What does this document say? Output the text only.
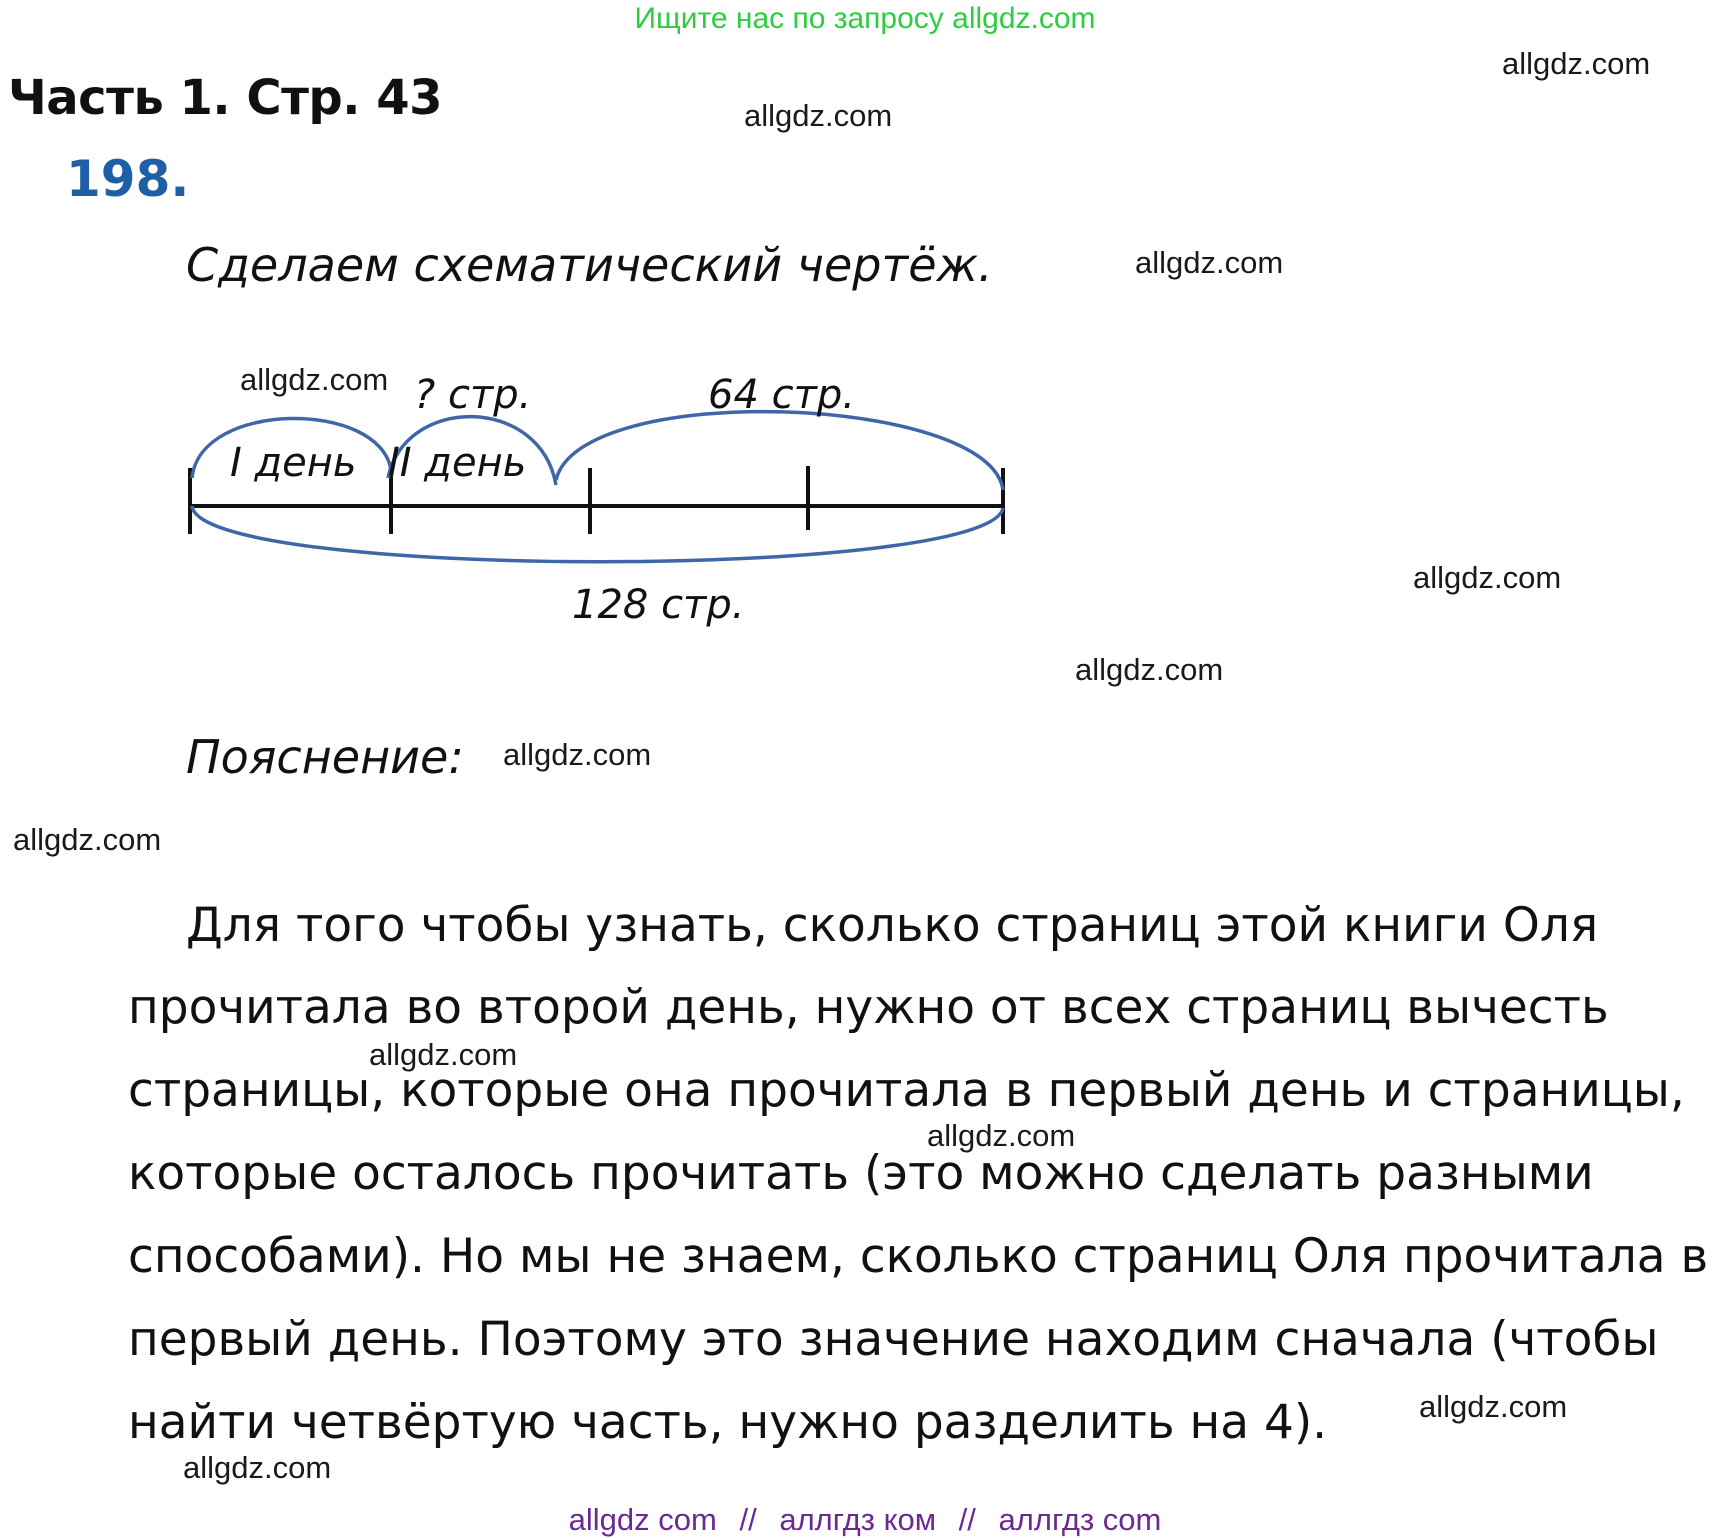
Ищите нас по запросу allgdz.com
Часть 1. Стр. 43
198.
Сделаем схематический чертёж.
I день II день
? стр.	64 стр.
128 стр.
Пояснение:
Для того чтобы узнать, сколько страниц этой книги Оля
прочитала во второй день, нужно от всех страниц вычесть
страницы, которые она прочитала в первый день и страницы,
которые осталось прочитать (это можно сделать разными
способами). Но мы не знаем, сколько страниц Оля прочитала в
первый день. Поэтому это значение находим сначала (чтобы
найти четвёртую часть, нужно разделить на 4).
allgdz.com
allgdz.com
allgdz.com
allgdz.com
allgdz.com
allgdz.com
allgdz.com
allgdz.com
allgdz.com
allgdz.com
allgdz.com
allgdz.com
allgdz com // аллгдз ком // аллгдз com
